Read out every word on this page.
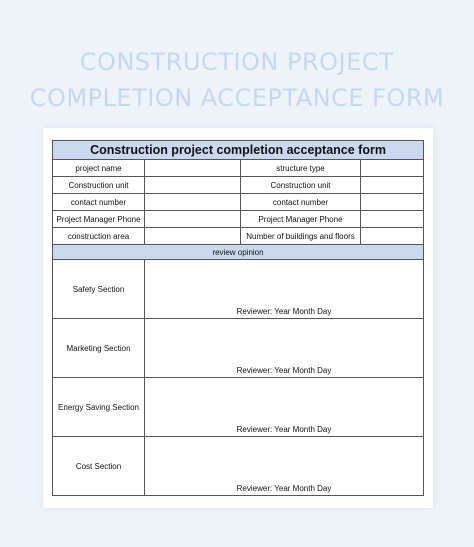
CONSTRUCTION PROJECT
COMPLETION ACCEPTANCE FORM
Construction project completion acceptance form			
project name		structure type	
Construction unit		Construction unit	
contact number		contact number	
Project Manager Phone		Project Manager Phone	
construction area		Number of buildings and floors	
review opinion			
Safety Section	Reviewer: Year Month Day		

Marketing Section	Reviewer: Year Month Day		

Energy Saving Section	Reviewer: Year Month Day		

Cost Section	Reviewer: Year Month Day		
